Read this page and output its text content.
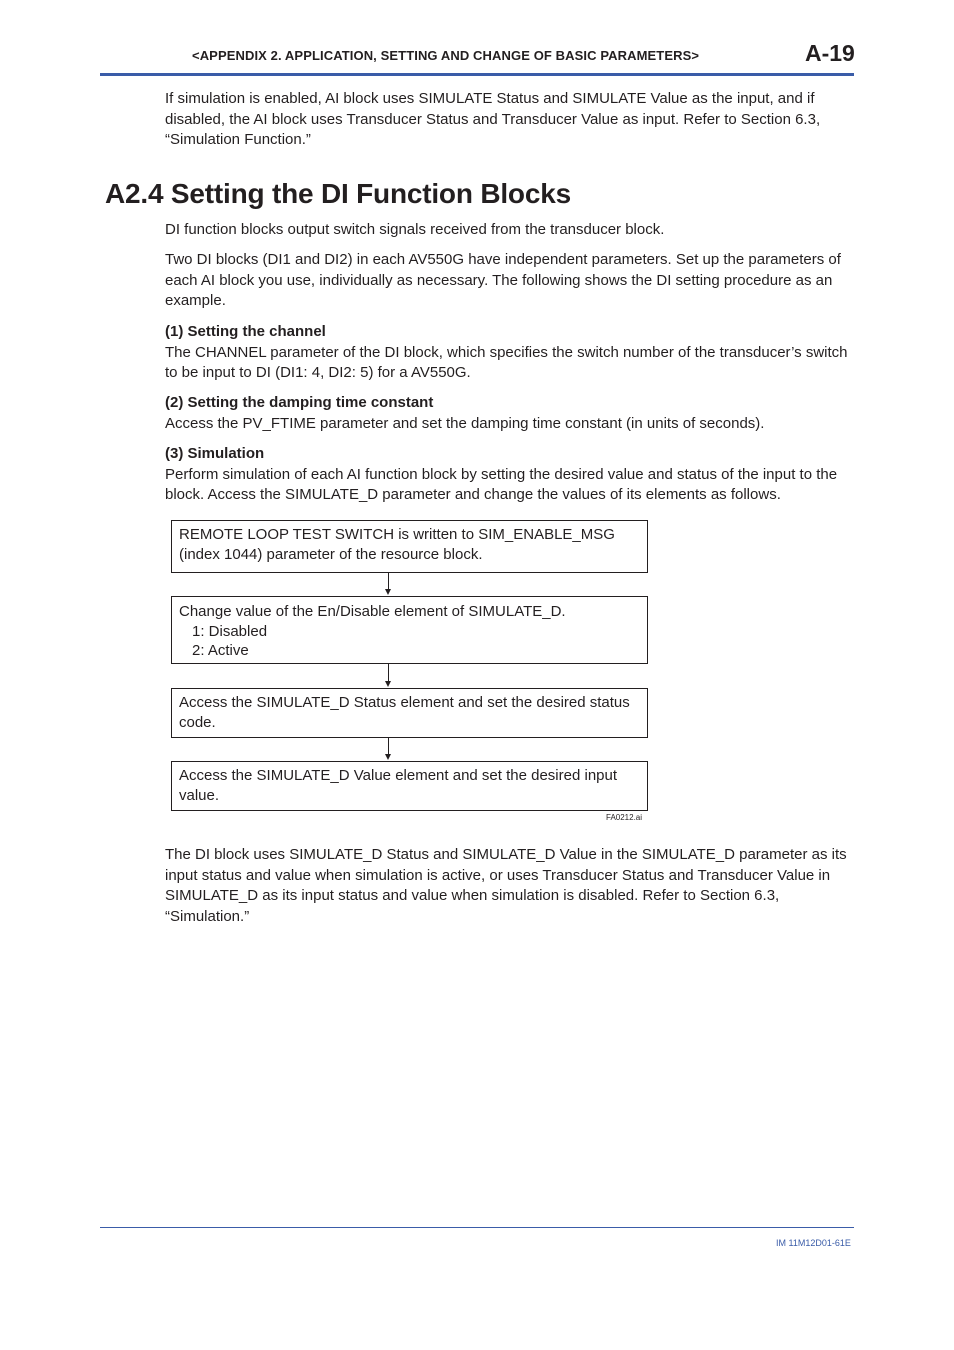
<APPENDIX 2. APPLICATION, SETTING AND CHANGE OF BASIC PARAMETERS>	A-19
If simulation is enabled, AI block uses SIMULATE Status and SIMULATE Value as the input, and if disabled, the AI block uses Transducer Status and Transducer Value as input. Refer to Section 6.3, “Simulation Function.”
A2.4 Setting the DI Function Blocks
DI function blocks output switch signals received from the transducer block.
Two DI blocks (DI1 and DI2) in each AV550G have independent parameters. Set up the parameters of each AI block you use, individually as necessary. The following shows the DI setting procedure as an example.
(1) Setting the channel
The CHANNEL parameter of the DI block, which specifies the switch number of the transducer’s switch to be input to DI (DI1: 4, DI2: 5) for a AV550G.
(2) Setting the damping time constant
Access the PV_FTIME parameter and set the damping time constant (in units of seconds).
(3) Simulation
Perform simulation of each AI function block by setting the desired value and status of the input to the block. Access the SIMULATE_D parameter and change the values of its elements as follows.
REMOTE LOOP TEST SWITCH is written to SIM_ENABLE_MSG (index 1044) parameter of the resource block.
Change value of the En/Disable element of SIMULATE_D.
1: Disabled
2: Active
Access the SIMULATE_D Status element and set the desired status code.
Access the SIMULATE_D Value element and set the desired input value.
FA0212.ai
The DI block uses SIMULATE_D Status and SIMULATE_D Value in the SIMULATE_D parameter as its input status and value when simulation is active, or uses Transducer Status and Transducer Value in SIMULATE_D as its input status and value when simulation is disabled. Refer to Section 6.3, “Simulation.”
IM 11M12D01-61E
